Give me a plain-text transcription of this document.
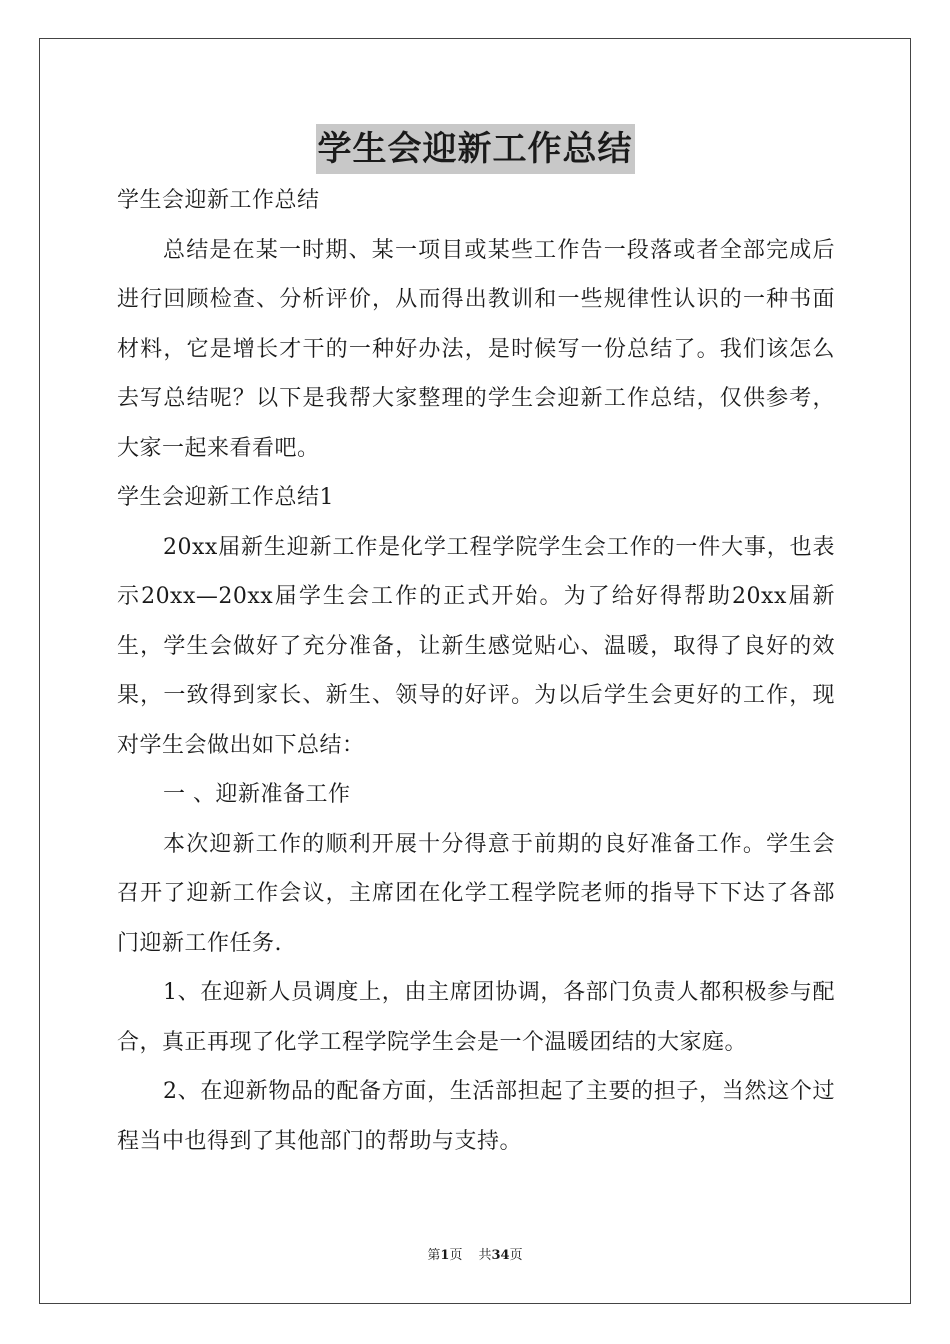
学生会迎新工作总结

学生会迎新工作总结

总结是在某一时期、某一项目或某些工作告一段落或者全部完成后进行回顾检查、分析评价，从而得出教训和一些规律性认识的一种书面材料，它是增长才干的一种好办法，是时候写一份总结了。我们该怎么去写总结呢？以下是我帮大家整理的学生会迎新工作总结，仅供参考，大家一起来看看吧。

学生会迎新工作总结1

20xx届新生迎新工作是化学工程学院学生会工作的一件大事，也表示20xx—20xx届学生会工作的正式开始。为了给好得帮助20xx届新生，学生会做好了充分准备，让新生感觉贴心、温暖，取得了良好的效果，一致得到家长、新生、领导的好评。为以后学生会更好的工作，现对学生会做出如下总结：

一 、迎新准备工作

本次迎新工作的顺利开展十分得意于前期的良好准备工作。学生会召开了迎新工作会议，主席团在化学工程学院老师的指导下下达了各部门迎新工作任务.

1、在迎新人员调度上，由主席团协调，各部门负责人都积极参与配合，真正再现了化学工程学院学生会是一个温暖团结的大家庭。

2、在迎新物品的配备方面，生活部担起了主要的担子，当然这个过程当中也得到了其他部门的帮助与支持。

第1页 共34页
